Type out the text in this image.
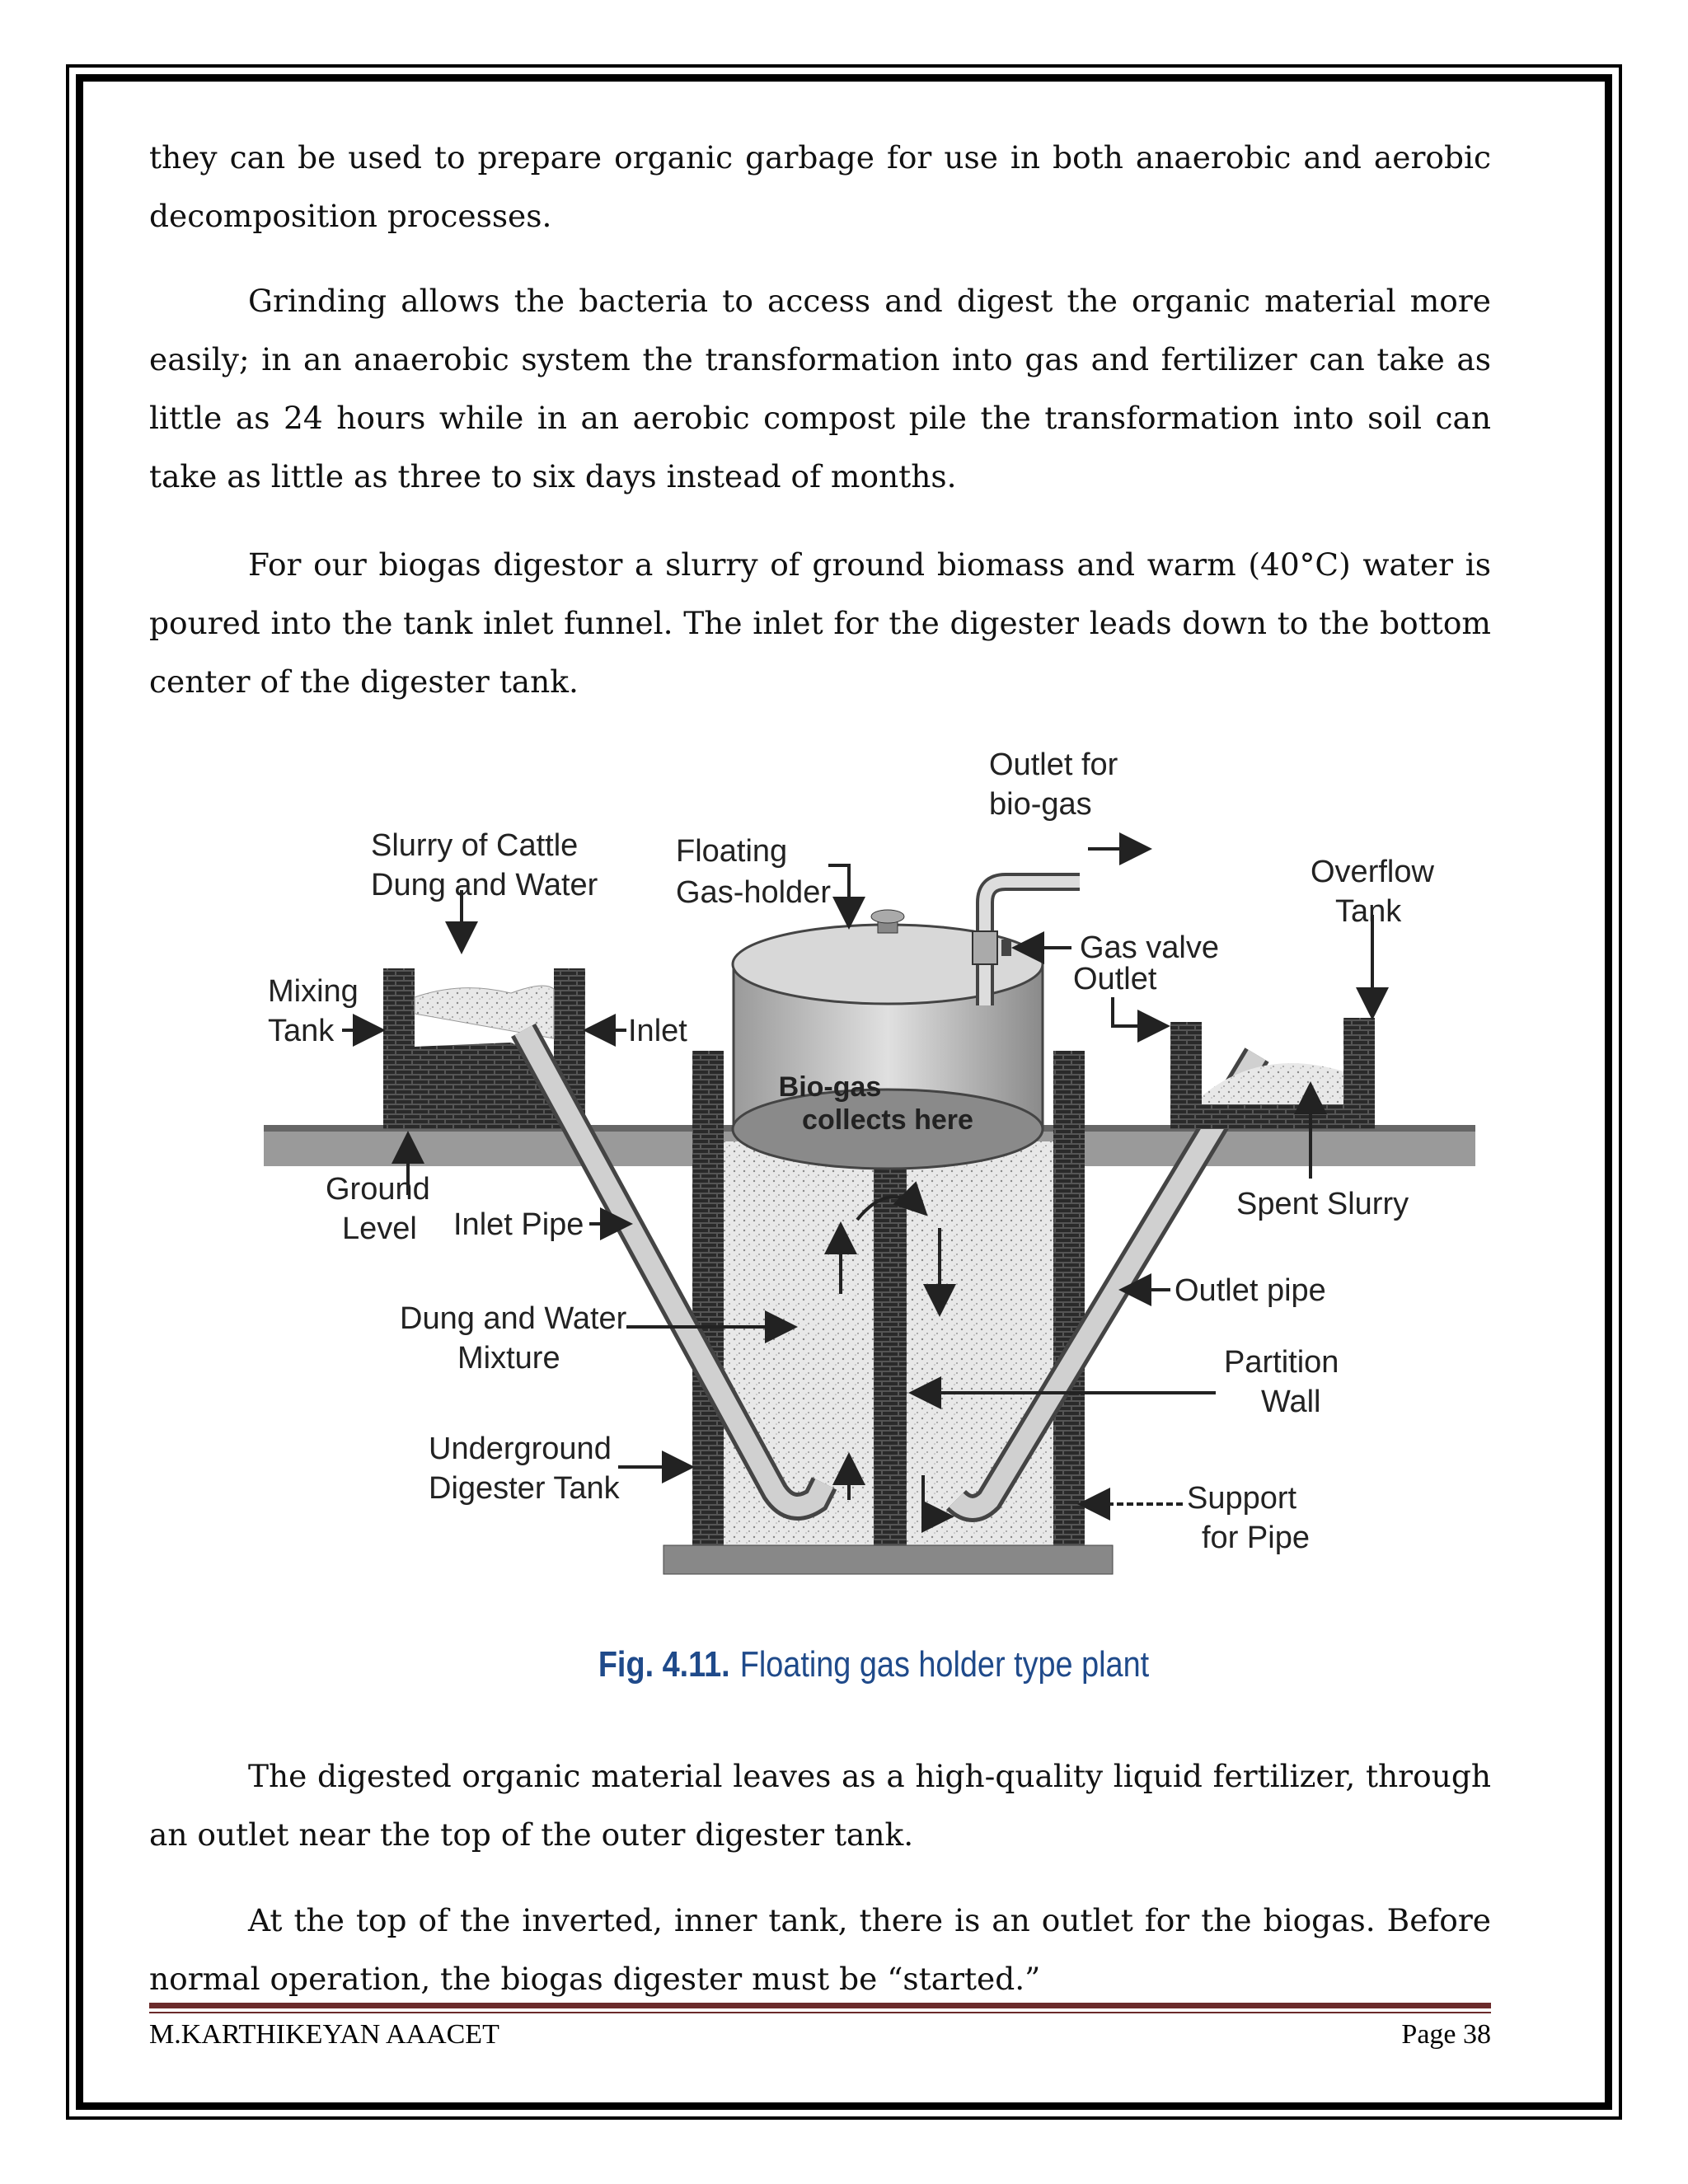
they can be used to prepare organic garbage for use in both anaerobic and aerobic decomposition processes.

Grinding allows the bacteria to access and digest the organic material more easily; in an anaerobic system the transformation into gas and fertilizer can take as little as 24 hours while in an aerobic compost pile the transformation into soil can take as little as three to six days instead of months.

For our biogas digestor a slurry of ground biomass and warm (40°C) water is poured into the tank inlet funnel. The inlet for the digester leads down to the bottom center of the digester tank.

Outlet for
bio-gas
Slurry of Cattle
Dung and Water
Floating
Gas-holder
Gas valve
Overflow
Tank
Mixing
Tank	Inlet
Outlet
Bio-gas
collects here
Ground
Level Inlet Pipe
Spent Slurry
Outlet pipe
Dung and Water
Mixture	Partition
Wall
Underground
Digester Tank	Support
for Pipe
Fig. 4.11. Floating gas holder type plant

The digested organic material leaves as a high-quality liquid fertilizer, through an outlet near the top of the outer digester tank.

At the top of the inverted, inner tank, there is an outlet for the biogas. Before normal operation, the biogas digester must be “started.”

M.KARTHIKEYAN AAACET	Page 38
